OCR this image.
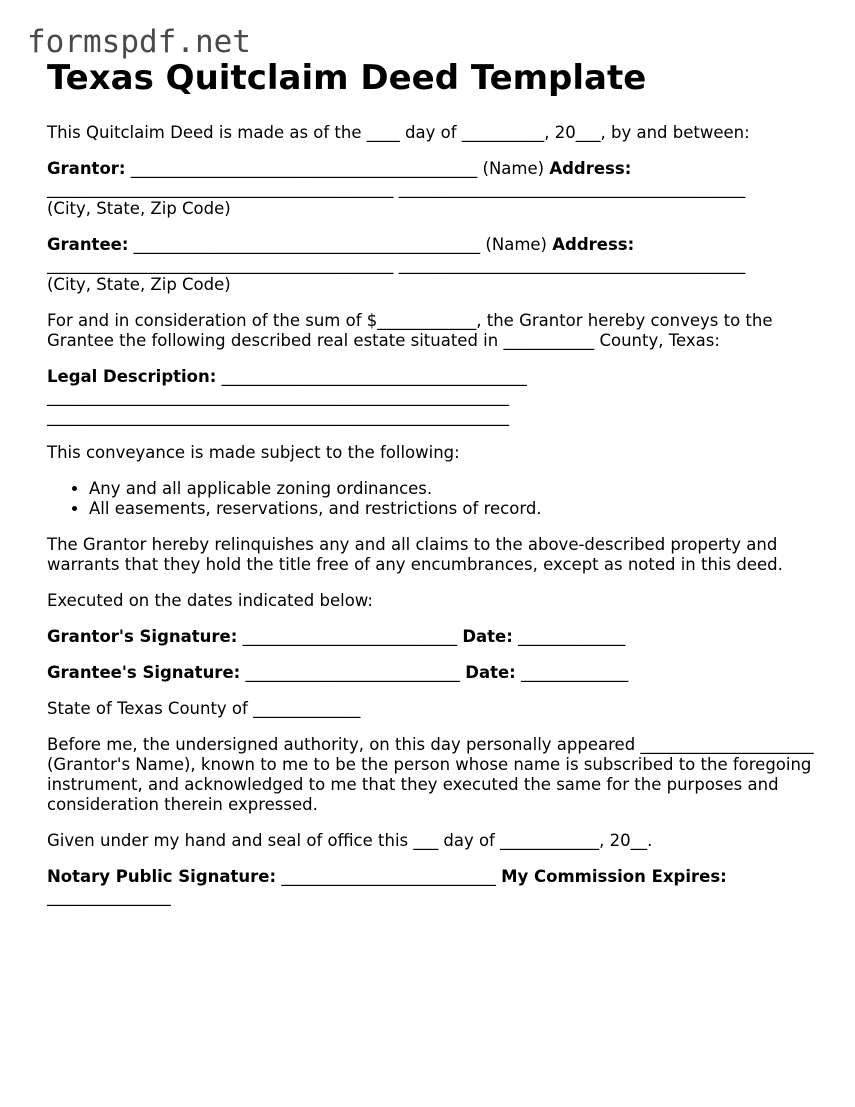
formspdf.net
Texas Quitclaim Deed Template

This Quitclaim Deed is made as of the ____ day of __________, 20___, by and between:

Grantor: __________________________________________ (Name) Address: __________________________________________ __________________________________________
(City, State, Zip Code)

Grantee: __________________________________________ (Name) Address: __________________________________________ __________________________________________
(City, State, Zip Code)

For and in consideration of the sum of $____________, the Grantor hereby conveys to the Grantee the following described real estate situated in ___________ County, Texas:

Legal Description: _____________________________________
________________________________________________________
________________________________________________________

This conveyance is made subject to the following:

• Any and all applicable zoning ordinances.
• All easements, reservations, and restrictions of record.

The Grantor hereby relinquishes any and all claims to the above-described property and warrants that they hold the title free of any encumbrances, except as noted in this deed.

Executed on the dates indicated below:

Grantor's Signature: __________________________ Date: _____________

Grantee's Signature: __________________________ Date: _____________

State of Texas County of _____________

Before me, the undersigned authority, on this day personally appeared _____________________ (Grantor's Name), known to me to be the person whose name is subscribed to the foregoing instrument, and acknowledged to me that they executed the same for the purposes and consideration therein expressed.

Given under my hand and seal of office this ___ day of ____________, 20__.

Notary Public Signature: __________________________ My Commission Expires: _______________
